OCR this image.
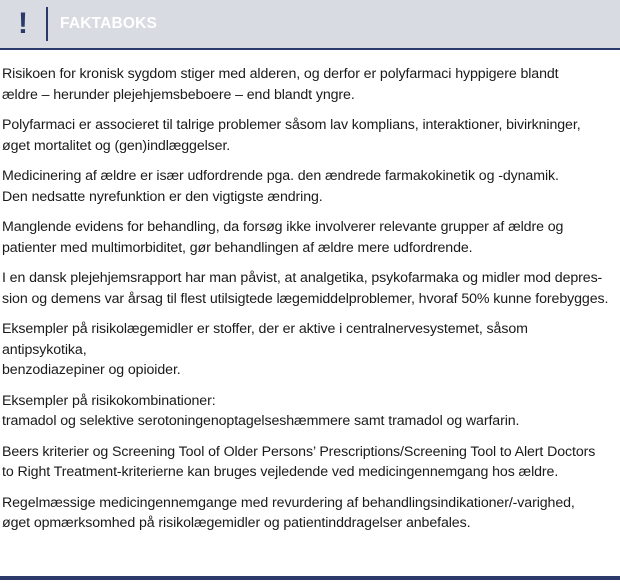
!	FAKTABOKS

Risikoen for kronisk sygdom stiger med alderen, og derfor er polyfarmaci hyppigere blandt
ældre – herunder plejehjemsbeboere – end blandt yngre.

Polyfarmaci er associeret til talrige problemer såsom lav komplians, interaktioner, bivirkninger,
øget mortalitet og (gen)indlæggelser.

Medicinering af ældre er især udfordrende pga. den ændrede farmakokinetik og -dynamik.
Den nedsatte nyrefunktion er den vigtigste ændring.

Manglende evidens for behandling, da forsøg ikke involverer relevante grupper af ældre og
patienter med multimorbiditet, gør behandlingen af ældre mere udfordrende.

I en dansk plejehjemsrapport har man påvist, at analgetika, psykofarmaka og midler mod depres-
sion og demens var årsag til flest utilsigtede lægemiddelproblemer, hvoraf 50% kunne forebygges.

Eksempler på risikolægemidler er stoffer, der er aktive i centralnervesystemet, såsom antipsykotika,
benzodiazepiner og opioider.

Eksempler på risikokombinationer:
tramadol og selektive serotoningenoptagelseshæmmere samt tramadol og warfarin.

Beers kriterier og Screening Tool of Older Persons’ Prescriptions/Screening Tool to Alert Doctors
to Right Treatment-kriterierne kan bruges vejledende ved medicingennemgang hos ældre.

Regelmæssige medicingennemgange med revurdering af behandlingsindikationer/-varighed,
øget opmærksomhed på risikolægemidler og patientinddragelser anbefales.
